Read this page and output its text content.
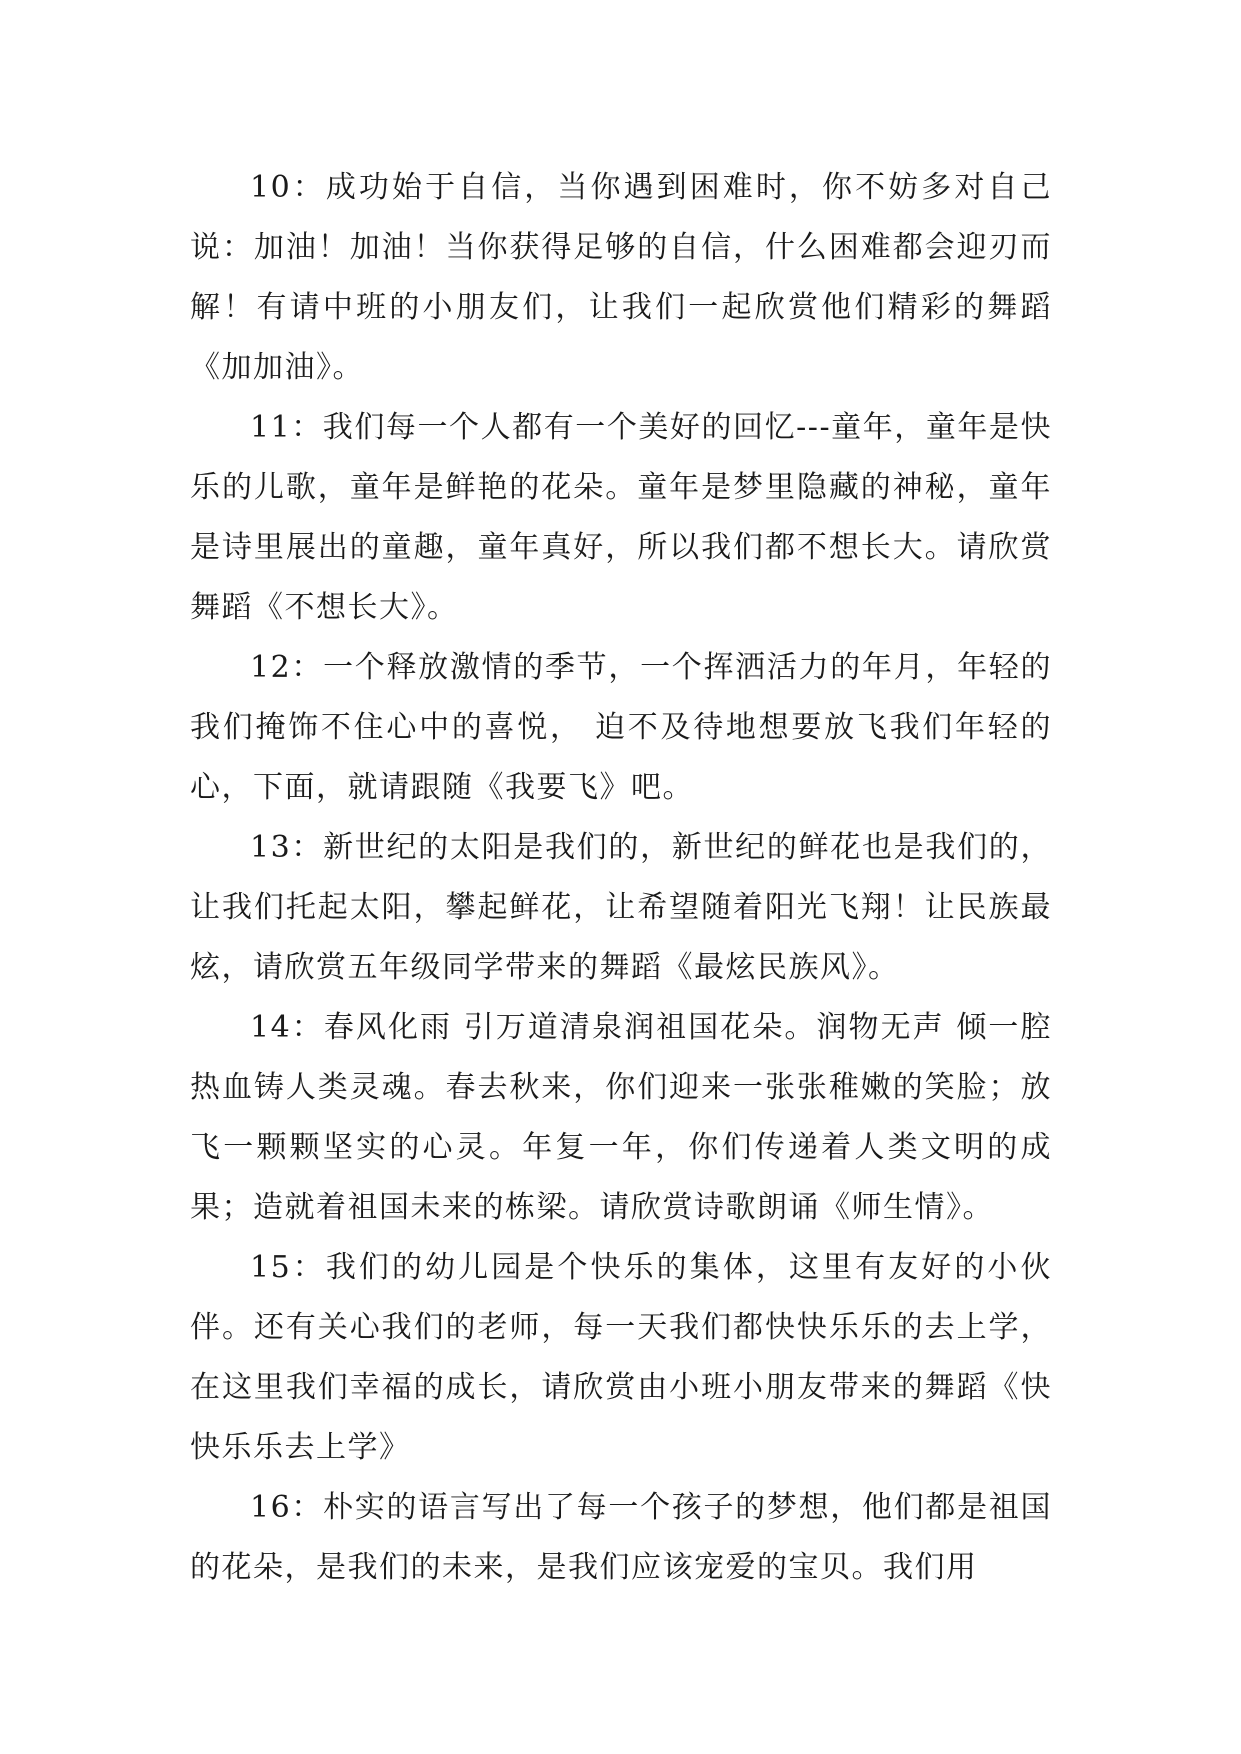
10：成功始于自信，当你遇到困难时，你不妨多对自己说：加油！加油！当你获得足够的自信，什么困难都会迎刃而解！有请中班的小朋友们，让我们一起欣赏他们精彩的舞蹈《加加油》。

11：我们每一个人都有一个美好的回忆---童年，童年是快乐的儿歌，童年是鲜艳的花朵。童年是梦里隐藏的神秘，童年是诗里展出的童趣，童年真好，所以我们都不想长大。请欣赏舞蹈《不想长大》。

12：一个释放激情的季节，一个挥洒活力的年月，年轻的我们掩饰不住心中的喜悦， 迫不及待地想要放飞我们年轻的心，下面，就请跟随《我要飞》吧。

13：新世纪的太阳是我们的，新世纪的鲜花也是我们的，让我们托起太阳，攀起鲜花，让希望随着阳光飞翔！让民族最炫，请欣赏五年级同学带来的舞蹈《最炫民族风》。

14：春风化雨 引万道清泉润祖国花朵。润物无声 倾一腔热血铸人类灵魂。春去秋来，你们迎来一张张稚嫩的笑脸；放飞一颗颗坚实的心灵。年复一年，你们传递着人类文明的成果；造就着祖国未来的栋梁。请欣赏诗歌朗诵《师生情》。

15：我们的幼儿园是个快乐的集体，这里有友好的小伙伴。还有关心我们的老师，每一天我们都快快乐乐的去上学，在这里我们幸福的成长，请欣赏由小班小朋友带来的舞蹈《快快乐乐去上学》

16：朴实的语言写出了每一个孩子的梦想，他们都是祖国的花朵，是我们的未来，是我们应该宠爱的宝贝。我们用
